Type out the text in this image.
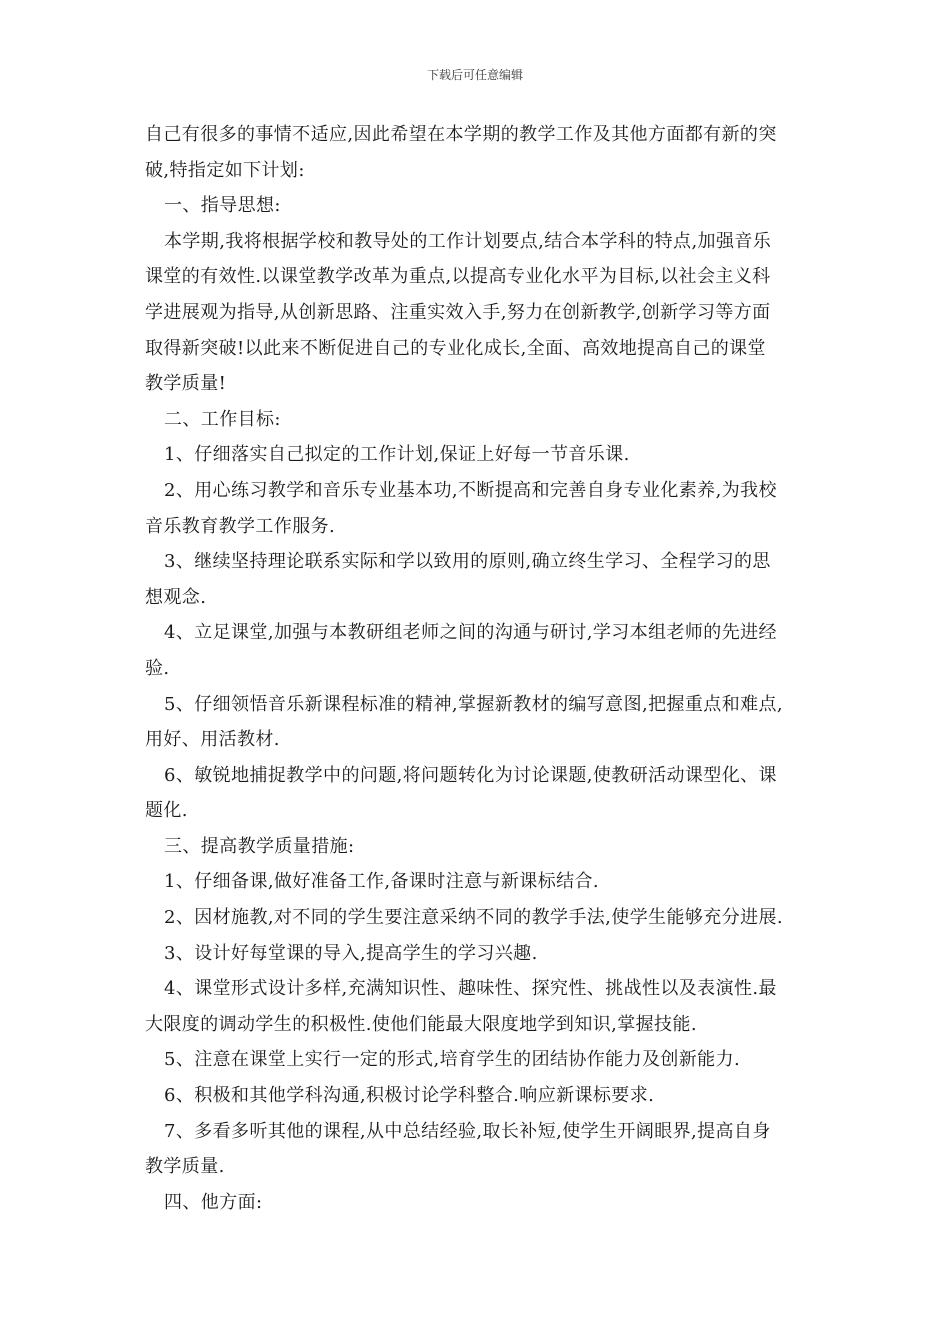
下载后可任意编辑
自己有很多的事情不适应,因此希望在本学期的教学工作及其他方面都有新的突
破,特指定如下计划:
一、指导思想:
本学期,我将根据学校和教导处的工作计划要点,结合本学科的特点,加强音乐
课堂的有效性.以课堂教学改革为重点,以提高专业化水平为目标,以社会主义科
学进展观为指导,从创新思路、注重实效入手,努力在创新教学,创新学习等方面
取得新突破!以此来不断促进自己的专业化成长,全面、高效地提高自己的课堂
教学质量!
二、工作目标:
1、仔细落实自己拟定的工作计划,保证上好每一节音乐课.
2、用心练习教学和音乐专业基本功,不断提高和完善自身专业化素养,为我校
音乐教育教学工作服务.
3、继续坚持理论联系实际和学以致用的原则,确立终生学习、全程学习的思
想观念.
4、立足课堂,加强与本教研组老师之间的沟通与研讨,学习本组老师的先进经
验.
5、仔细领悟音乐新课程标准的精神,掌握新教材的编写意图,把握重点和难点,
用好、用活教材.
6、敏锐地捕捉教学中的问题,将问题转化为讨论课题,使教研活动课型化、课
题化.
三、提高教学质量措施:
1、仔细备课,做好准备工作,备课时注意与新课标结合.
2、因材施教,对不同的学生要注意采纳不同的教学手法,使学生能够充分进展.
3、设计好每堂课的导入,提高学生的学习兴趣.
4、课堂形式设计多样,充满知识性、趣味性、探究性、挑战性以及表演性.最
大限度的调动学生的积极性.使他们能最大限度地学到知识,掌握技能.
5、注意在课堂上实行一定的形式,培育学生的团结协作能力及创新能力.
6、积极和其他学科沟通,积极讨论学科整合.响应新课标要求.
7、多看多听其他的课程,从中总结经验,取长补短,使学生开阔眼界,提高自身
教学质量.
四、他方面:
